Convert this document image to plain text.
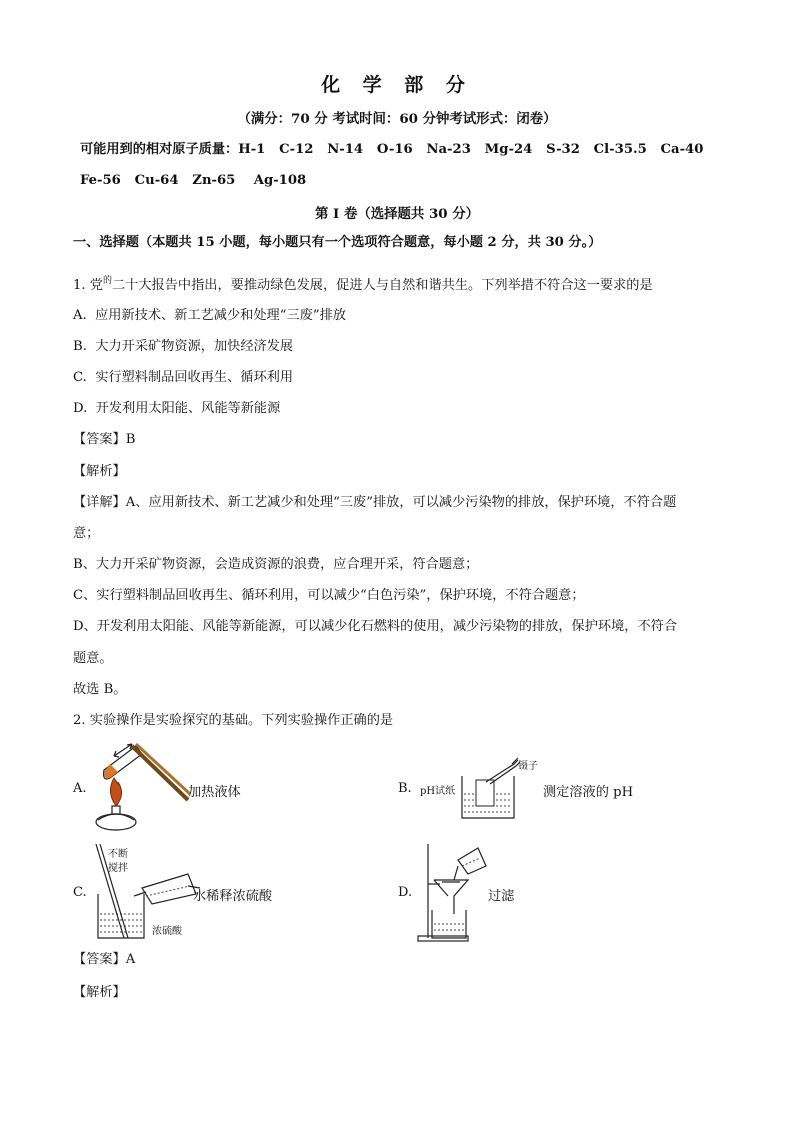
化 学 部 分
（满分：70 分 考试时间：60 分钟考试形式：闭卷）
可能用到的相对原子质量：H-1   C-12   N-14   O-16   Na-23   Mg-24   S-32   Cl-35.5   Ca-40
Fe-56   Cu-64   Zn-65    Ag-108
第 I 卷（选择题共 30 分）
一、选择题（本题共 15 小题，每小题只有一个选项符合题意，每小题 2 分，共 30 分。）
1. 党$^的$二十大报告中指出，要推动绿色发展，促进人与自然和谐共生。下列举措不符合这一要求的是
A.  应用新技术、新工艺减少和处理“三废”排放
B.  大力开采矿物资源，加快经济发展
C.  实行塑料制品回收再生、循环利用
D.  开发利用太阳能、风能等新能源
【答案】B
【解析】
【详解】A、应用新技术、新工艺减少和处理“三废”排放，可以减少污染物的排放，保护环境，不符合题
意；
B、大力开采矿物资源，会造成资源的浪费，应合理开采，符合题意；
C、实行塑料制品回收再生、循环利用，可以减少“白色污染”，保护环境，不符合题意；
D、开发利用太阳能、风能等新能源，可以减少化石燃料的使用，减少污染物的排放，保护环境，不符合
题意。
故选 B。
2. 实验操作是实验探究的基础。下列实验操作正确的是
A.	加热液体	B. pH试纸
镊子
测定溶液的 pH
C.
不断
搅拌
浓硫酸
水稀释浓硫酸	D.	过滤
【答案】A
【解析】
